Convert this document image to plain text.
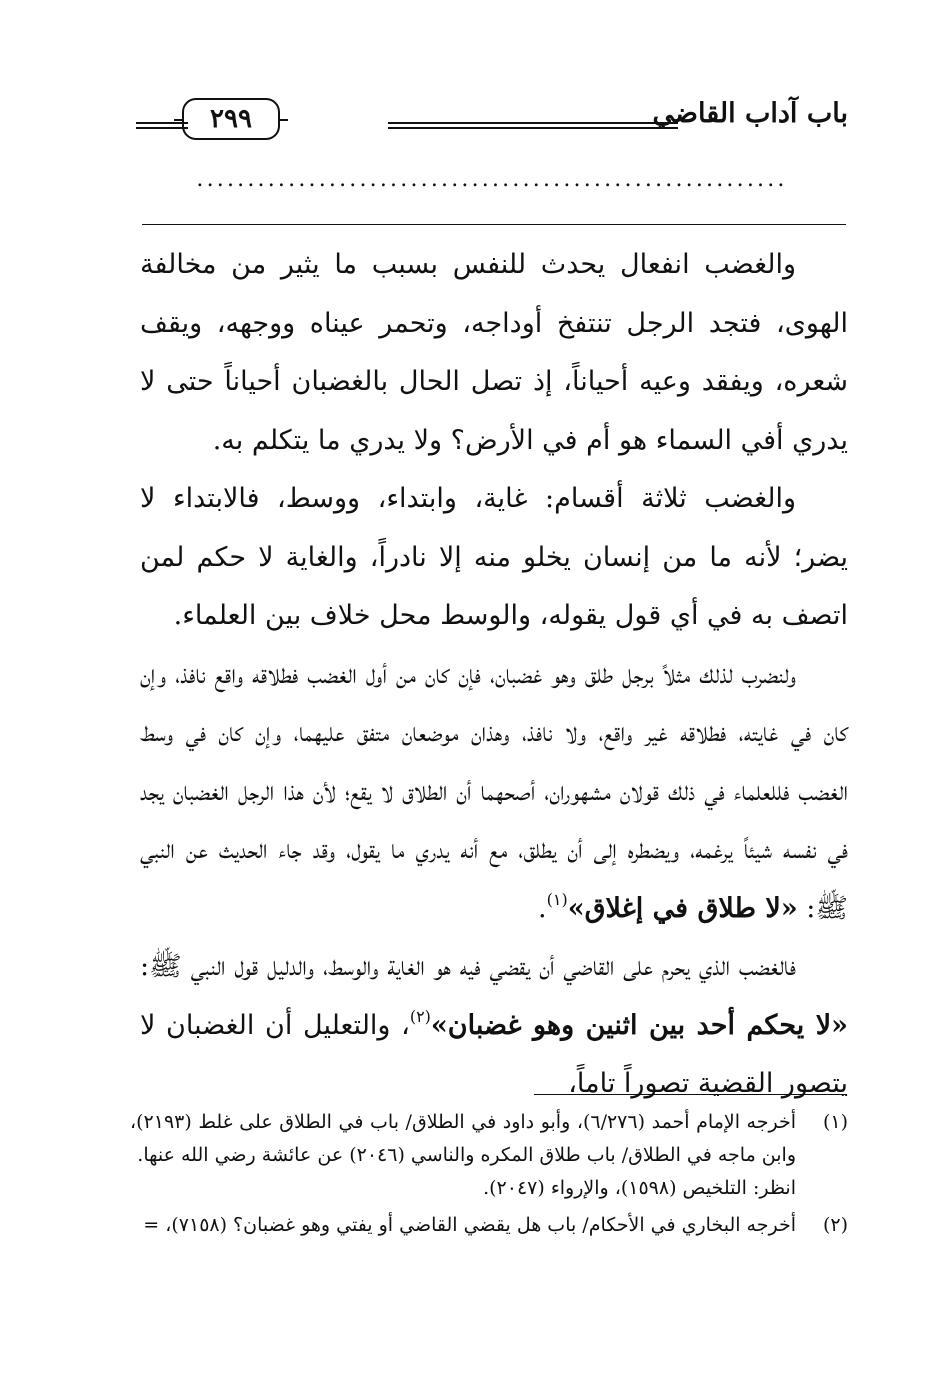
باب آداب القاضي
٢٩٩
..........................................................

والغضب انفعال يحدث للنفس بسبب ما يثير من مخالفة الهوى، فتجد الرجل تنتفخ أوداجه، وتحمر عيناه ووجهه، ويقف شعره، ويفقد وعيه أحياناً، إذ تصل الحال بالغضبان أحياناً حتى لا يدري أفي السماء هو أم في الأرض؟ ولا يدري ما يتكلم به.

والغضب ثلاثة أقسام: غاية، وابتداء، ووسط، فالابتداء لا يضر؛ لأنه ما من إنسان يخلو منه إلا نادراً، والغاية لا حكم لمن اتصف به في أي قول يقوله، والوسط محل خلاف بين العلماء.

ولنضرب لذلك مثلاً برجل طلق وهو غضبان، فإن كان من أول الغضب فطلاقه واقع نافذ، وإن كان في غايته، فطلاقه غير واقع، ولا نافذ، وهذان موضعان متفق عليهما، وإن كان في وسط الغضب فللعلماء في ذلك قولان مشهوران، أصحهما أن الطلاق لا يقع؛ لأن هذا الرجل الغضبان يجد في نفسه شيئاً يرغمه، ويضطره إلى أن يطلق، مع أنه يدري ما يقول، وقد جاء الحديث عن النبي ﷺ: «لا طلاق في إغلاق»$^{(١)}$.

فالغضب الذي يحرم على القاضي أن يقضي فيه هو الغاية والوسط، والدليل قول النبي ﷺ: «لا يحكم أحد بين اثنين وهو غضبان»$^{(٢)}$، والتعليل أن الغضبان لا يتصور القضية تصوراً تاماً،

(١)
أخرجه الإمام أحمد (٦/٢٧٦)، وأبو داود في الطلاق/ باب في الطلاق على غلط (٢١٩٣)، وابن ماجه في الطلاق/ باب طلاق المكره والناسي (٢٠٤٦) عن عائشة رضي الله عنها.
انظر: التلخيص (١٥٩٨)، والإرواء (٢٠٤٧).
(٢)
أخرجه البخاري في الأحكام/ باب هل يقضي القاضي أو يفتي وهو غضبان؟ (٧١٥٨)، =
